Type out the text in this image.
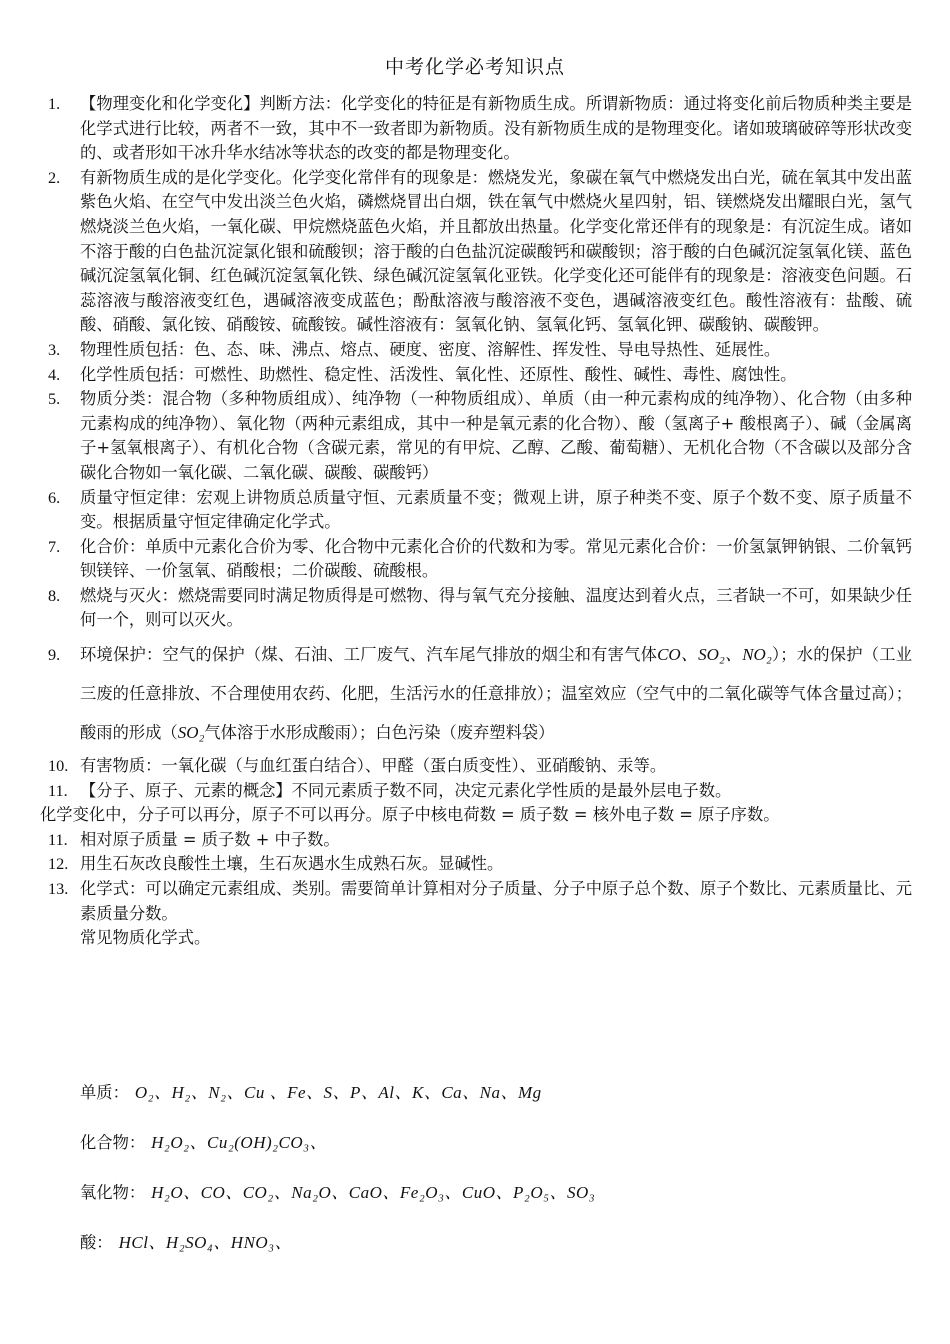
中考化学必考知识点

1.	【物理变化和化学变化】判断方法：化学变化的特征是有新物质生成。所谓新物质：通过将变化前后物质种类主要是化学式进行比较，两者不一致，其中不一致者即为新物质。没有新物质生成的是物理变化。诸如玻璃破碎等形状改变的、或者形如干冰升华水结冰等状态的改变的都是物理变化。

2.	有新物质生成的是化学变化。化学变化常伴有的现象是：燃烧发光，象碳在氧气中燃烧发出白光，硫在氧其中发出蓝紫色火焰、在空气中发出淡兰色火焰，磷燃烧冒出白烟，铁在氧气中燃烧火星四射，铝、镁燃烧发出耀眼白光，氢气燃烧淡兰色火焰，一氧化碳、甲烷燃烧蓝色火焰，并且都放出热量。化学变化常还伴有的现象是：有沉淀生成。诸如不溶于酸的白色盐沉淀氯化银和硫酸钡；溶于酸的白色盐沉淀碳酸钙和碳酸钡；溶于酸的白色碱沉淀氢氧化镁、蓝色碱沉淀氢氧化铜、红色碱沉淀氢氧化铁、绿色碱沉淀氢氧化亚铁。化学变化还可能伴有的现象是：溶液变色问题。石蕊溶液与酸溶液变红色，遇碱溶液变成蓝色；酚酞溶液与酸溶液不变色，遇碱溶液变红色。酸性溶液有：盐酸、硫酸、硝酸、氯化铵、硝酸铵、硫酸铵。碱性溶液有：氢氧化钠、氢氧化钙、氢氧化钾、碳酸钠、碳酸钾。

3.	物理性质包括：色、态、味、沸点、熔点、硬度、密度、溶解性、挥发性、导电导热性、延展性。

4.	化学性质包括：可燃性、助燃性、稳定性、活泼性、氧化性、还原性、酸性、碱性、毒性、腐蚀性。

5.	物质分类：混合物（多种物质组成）、纯净物（一种物质组成）、单质（由一种元素构成的纯净物）、化合物（由多种元素构成的纯净物）、氧化物（两种元素组成，其中一种是氧元素的化合物）、酸（氢离子+ 酸根离子）、碱（金属离子+氢氧根离子）、有机化合物（含碳元素，常见的有甲烷、乙醇、乙酸、葡萄糖）、无机化合物（不含碳以及部分含碳化合物如一氧化碳、二氧化碳、碳酸、碳酸钙）

6.	质量守恒定律：宏观上讲物质总质量守恒、元素质量不变；微观上讲，原子种类不变、原子个数不变、原子质量不变。根据质量守恒定律确定化学式。

7.	化合价：单质中元素化合价为零、化合物中元素化合价的代数和为零。常见元素化合价：一价氢氯钾钠银、二价氧钙钡镁锌、一价氢氧、硝酸根；二价碳酸、硫酸根。

8.	燃烧与灭火：燃烧需要同时满足物质得是可燃物、得与氧气充分接触、温度达到着火点，三者缺一不可，如果缺少任何一个，则可以灭火。

9.	环境保护：空气的保护（煤、石油、工厂废气、汽车尾气排放的烟尘和有害气体CO、SO₂、NO₂）；水的保护（工业三废的任意排放、不合理使用农药、化肥，生活污水的任意排放）；温室效应（空气中的二氧化碳等气体含量过高）；酸雨的形成（SO₂气体溶于水形成酸雨）；白色污染（废弃塑料袋）

10. 有害物质：一氧化碳（与血红蛋白结合）、甲醛（蛋白质变性）、亚硝酸钠、汞等。

11. 【分子、原子、元素的概念】不同元素质子数不同，决定元素化学性质的是最外层电子数。

化学变化中，分子可以再分，原子不可以再分。原子中核电荷数 = 质子数 = 核外电子数 = 原子序数。

11. 相对原子质量 = 质子数 + 中子数。

12. 用生石灰改良酸性土壤，生石灰遇水生成熟石灰。显碱性。

13. 化学式：可以确定元素组成、类别。需要简单计算相对分子质量、分子中原子总个数、原子个数比、元素质量比、元素质量分数。
常见物质化学式。

单质： O₂、H₂、N₂、Cu 、Fe、S、P、Al、K、Ca、Na、Mg
化合物： H₂O₂、Cu₂(OH)₂CO₃、
氧化物： H₂O、CO、CO₂、Na₂O、CaO、Fe₂O₃、CuO、P₂O₅、SO₃
酸： HCl、H₂SO₄、HNO₃、
